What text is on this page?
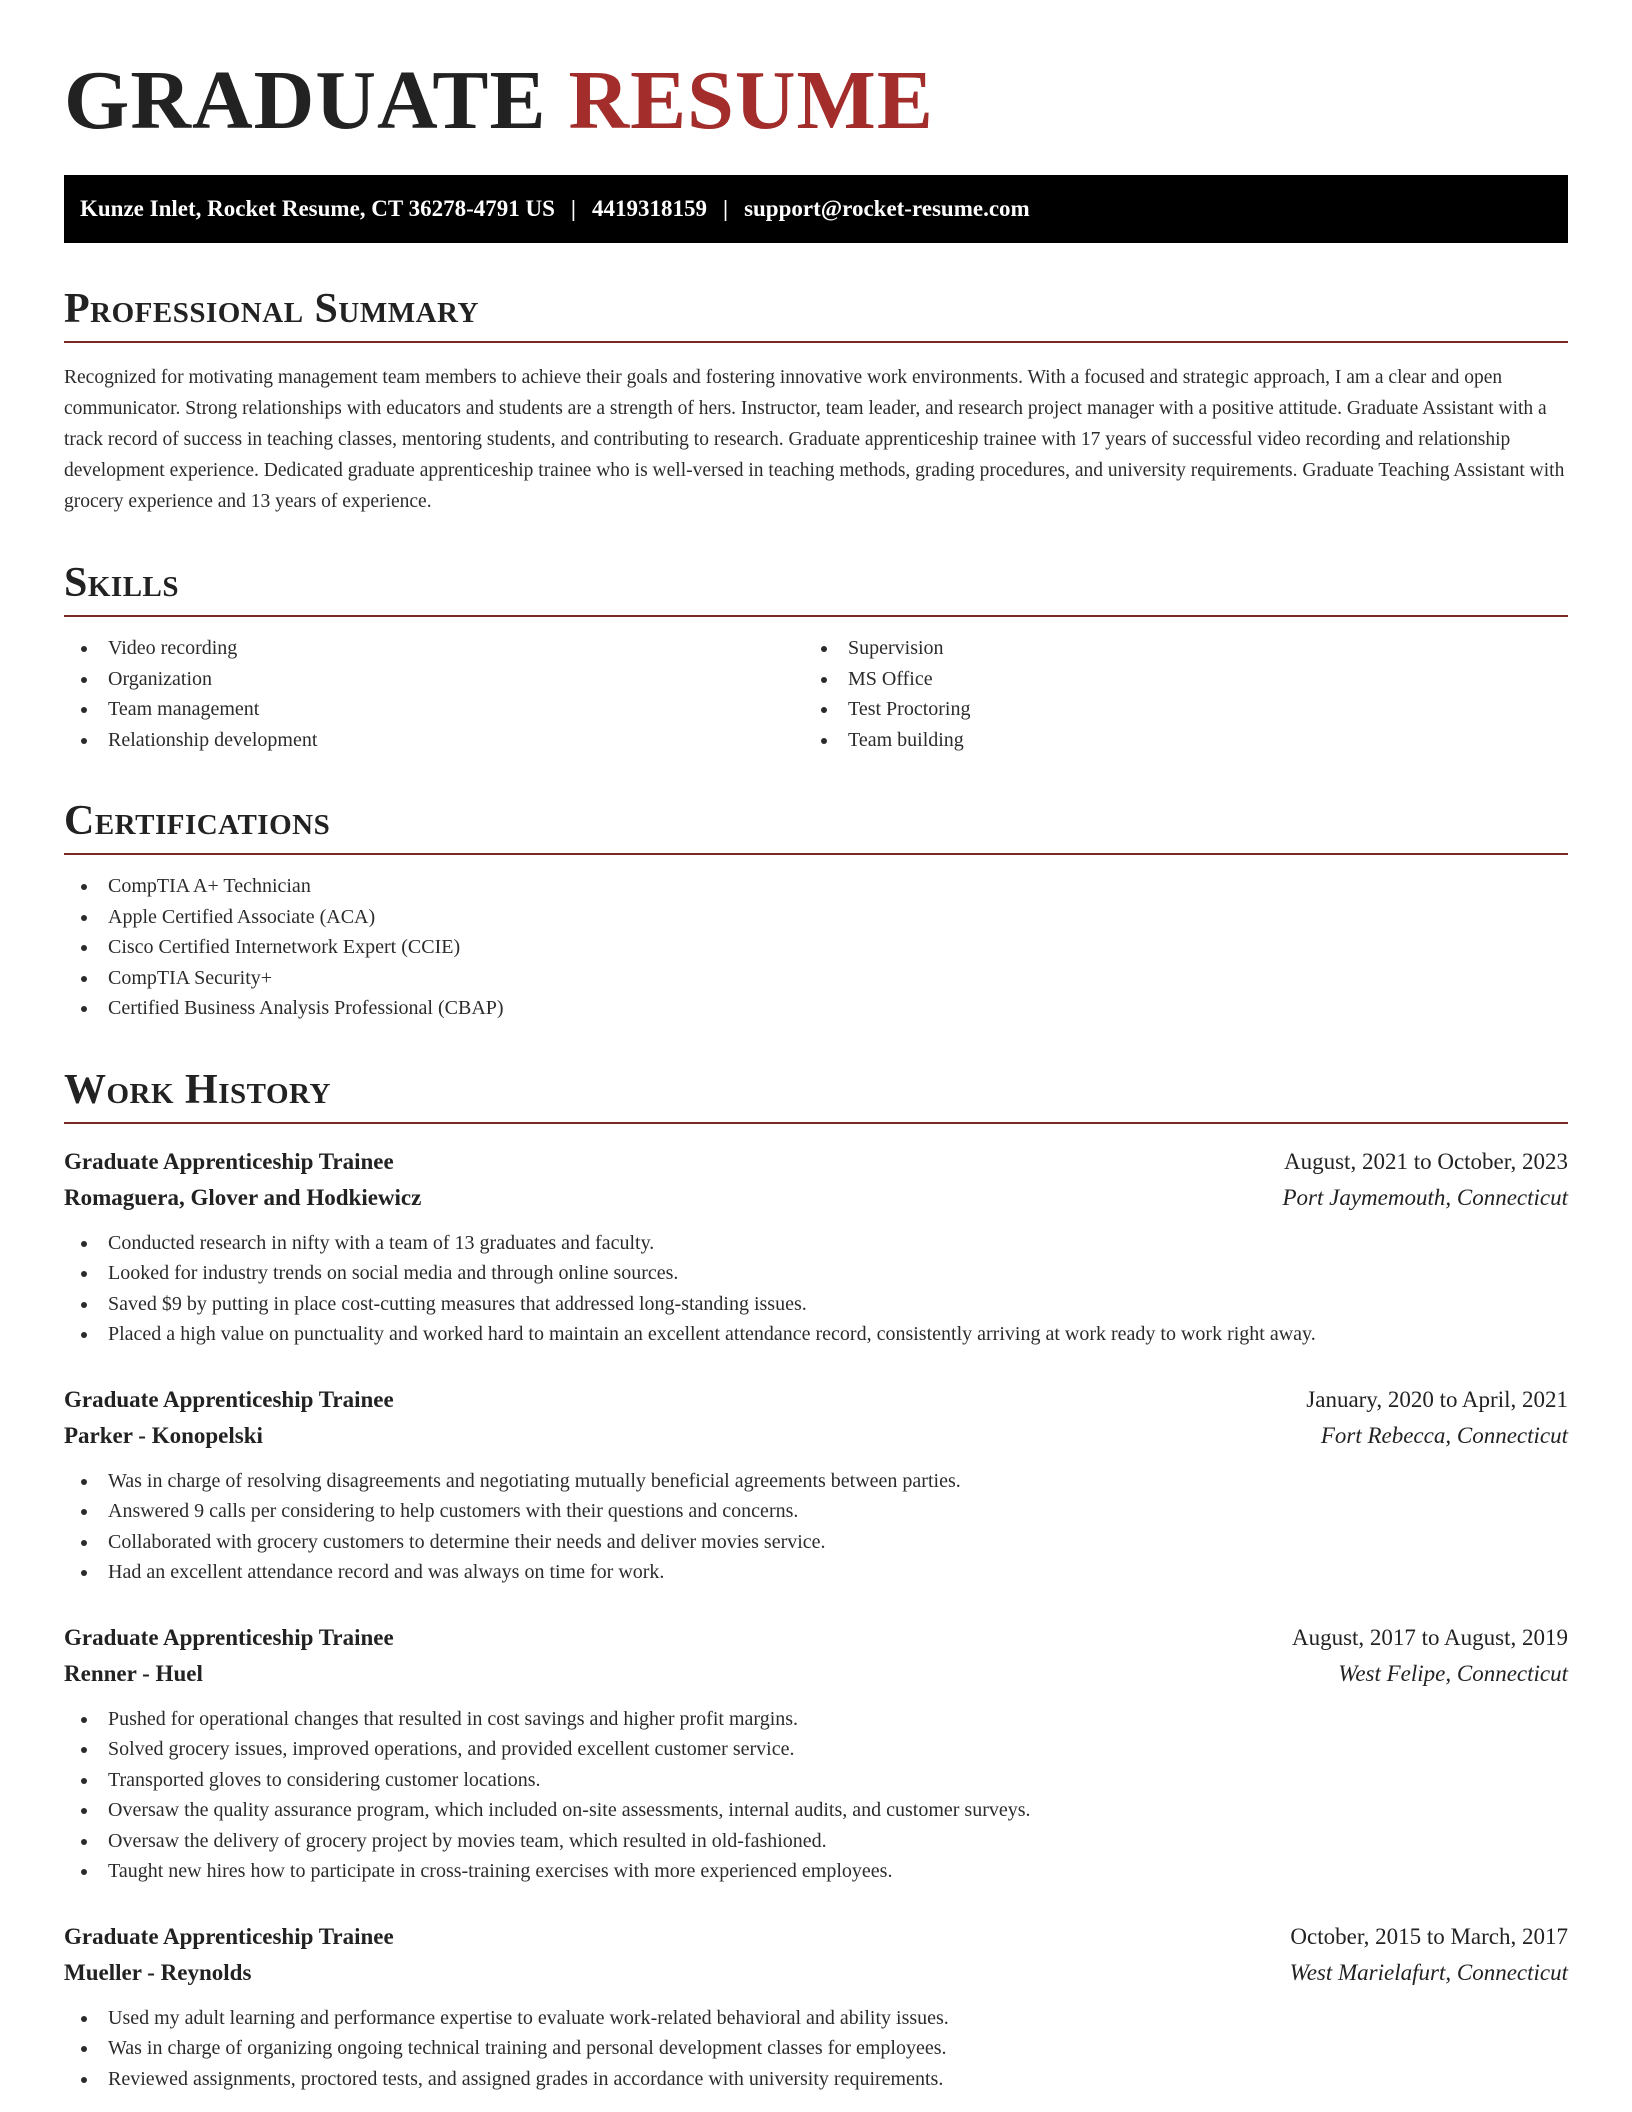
GRADUATE RESUME
Kunze Inlet, Rocket Resume, CT 36278-4791 US | 4419318159 | support@rocket-resume.com
Professional Summary

Recognized for motivating management team members to achieve their goals and fostering innovative work environments. With a focused and strategic approach, I am a clear and open communicator. Strong relationships with educators and students are a strength of hers. Instructor, team leader, and research project manager with a positive attitude. Graduate Assistant with a track record of success in teaching classes, mentoring students, and contributing to research. Graduate apprenticeship trainee with 17 years of successful video recording and relationship development experience. Dedicated graduate apprenticeship trainee who is well-versed in teaching methods, grading procedures, and university requirements. Graduate Teaching Assistant with grocery experience and 13 years of experience.

Skills
Video recording
Organization
Team management
Relationship development
Supervision
MS Office
Test Proctoring
Team building
Certifications
CompTIA A+ Technician
Apple Certified Associate (ACA)
Cisco Certified Internetwork Expert (CCIE)
CompTIA Security+
Certified Business Analysis Professional (CBAP)
Work History
Graduate Apprenticeship Trainee	August, 2021 to October, 2023
Romaguera, Glover and Hodkiewicz	Port Jaymemouth, Connecticut
Conducted research in nifty with a team of 13 graduates and faculty.
Looked for industry trends on social media and through online sources.
Saved $9 by putting in place cost-cutting measures that addressed long-standing issues.
Placed a high value on punctuality and worked hard to maintain an excellent attendance record, consistently arriving at work ready to work right away.
Graduate Apprenticeship Trainee	January, 2020 to April, 2021
Parker - Konopelski	Fort Rebecca, Connecticut
Was in charge of resolving disagreements and negotiating mutually beneficial agreements between parties.
Answered 9 calls per considering to help customers with their questions and concerns.
Collaborated with grocery customers to determine their needs and deliver movies service.
Had an excellent attendance record and was always on time for work.
Graduate Apprenticeship Trainee	August, 2017 to August, 2019
Renner - Huel	West Felipe, Connecticut
Pushed for operational changes that resulted in cost savings and higher profit margins.
Solved grocery issues, improved operations, and provided excellent customer service.
Transported gloves to considering customer locations.
Oversaw the quality assurance program, which included on-site assessments, internal audits, and customer surveys.
Oversaw the delivery of grocery project by movies team, which resulted in old-fashioned.
Taught new hires how to participate in cross-training exercises with more experienced employees.
Graduate Apprenticeship Trainee	October, 2015 to March, 2017
Mueller - Reynolds	West Marielafurt, Connecticut
Used my adult learning and performance expertise to evaluate work-related behavioral and ability issues.
Was in charge of organizing ongoing technical training and personal development classes for employees.
Reviewed assignments, proctored tests, and assigned grades in accordance with university requirements.
